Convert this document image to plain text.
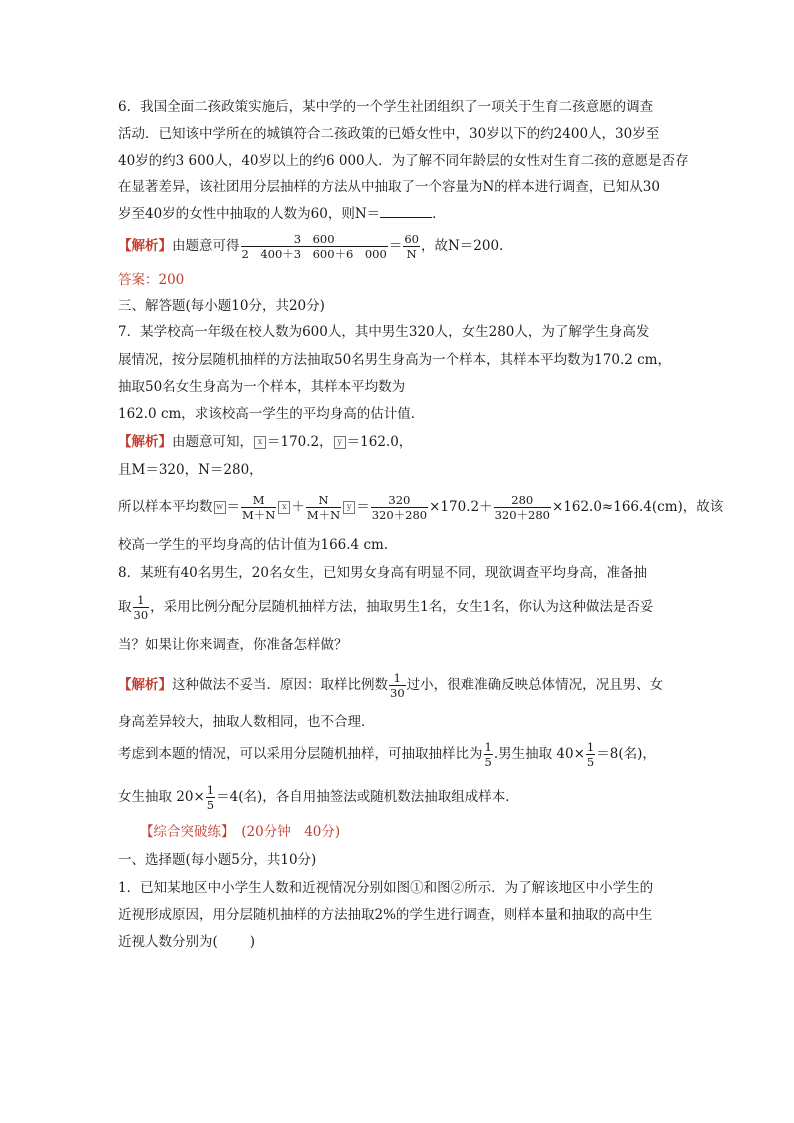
6．我国全面二孩政策实施后，某中学的一个学生社团组织了一项关于生育二孩意愿的调查
活动．已知该中学所在的城镇符合二孩政策的已婚女性中，30岁以下的约2400人，30岁至
40岁的约3 600人，40岁以上的约6 000人．为了解不同年龄层的女性对生育二孩的意愿是否存
在显著差异，该社团用分层抽样的方法从中抽取了一个容量为N的样本进行调查，已知从30
岁至40岁的女性中抽取的人数为60，则N＝	．
【解析】由题意可得 $\frac{3 600}{2 400+3 600+6 000} = \frac{60}{N}$ ，故N＝200.
答案：200
三、解答题(每小题10分，共20分)
7．某学校高一年级在校人数为600人，其中男生320人，女生280人，为了解学生身高发
展情况，按分层随机抽样的方法抽取50名男生身高为一个样本，其样本平均数为170.2 cm，
抽取50名女生身高为一个样本，其样本平均数为
162.0 cm，求该校高一学生的平均身高的估计值．
【解析】由题意可知， x ＝170.2， y ＝162.0，
且M＝320，N＝280，
所以样本平均数 $w = \frac{M}{M+N}$ $x + \frac{N}{M+N}$ $y = \frac{320}{320+280} \times 170.2+ \frac{280}{320+280} \times 162.0\approx 166.4(cm)$，故该
校高一学生的平均身高的估计值为166.4 cm.
8．某班有40名男生，20名女生，已知男女身高有明显不同，现欲调查平均身高，准备抽
取 $\frac{1}{30}$ ，采用比例分配分层随机抽样方法，抽取男生1名，女生1名，你认为这种做法是否妥
当？如果让你来调查，你准备怎样做？
【解析】这种做法不妥当．原因：取样比例数 $\frac{1}{30}$ 过小，很难准确反映总体情况，况且男、女
身高差异较大，抽取人数相同，也不合理．
考虑到本题的情况，可以采用分层随机抽样，可抽取抽样比为 $\frac{1}{5}$ .男生抽取 $40\times \frac{1}{5} =8$(名)，
女生抽取 $20\times \frac{1}{5} =4$(名)，各自用抽签法或随机数法抽取组成样本．
【综合突破练】　(20分钟　40分)
一、选择题(每小题5分，共10分)
1．已知某地区中小学生人数和近视情况分别如图①和图②所示．为了解该地区中小学生的
近视形成原因，用分层随机抽样的方法抽取2%的学生进行调查，则样本量和抽取的高中生
近视人数分别为( )
